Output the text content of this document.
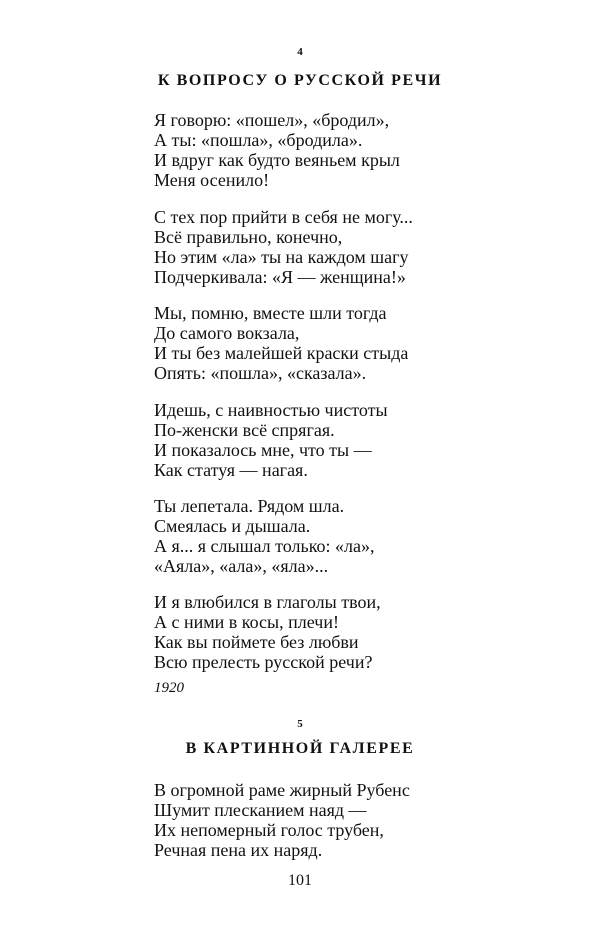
4
К ВОПРОСУ О РУССКОЙ РЕЧИ
Я говорю: «пошел», «бродил»,
А ты: «пошла», «бродила».
И вдруг как будто веяньем крыл
Меня осенило!
С тех пор прийти в себя не могу...
Всё правильно, конечно,
Но этим «ла» ты на каждом шагу
Подчеркивала: «Я — женщина!»
Мы, помню, вместе шли тогда
До самого вокзала,
И ты без малейшей краски стыда
Опять: «пошла», «сказала».
Идешь, с наивностью чистоты
По-женски всё спрягая.
И показалось мне, что ты —
Как статуя — нагая.
Ты лепетала. Рядом шла.
Смеялась и дышала.
А я... я слышал только: «ла»,
«Аяла», «ала», «яла»...
И я влюбился в глаголы твои,
А с ними в косы, плечи!
Как вы поймете без любви
Всю прелесть русской речи?
1920
5
В КАРТИННОЙ ГАЛЕРЕЕ
В огромной раме жирный Рубенс
Шумит плесканием наяд —
Их непомерный голос трубен,
Речная пена их наряд.
101
